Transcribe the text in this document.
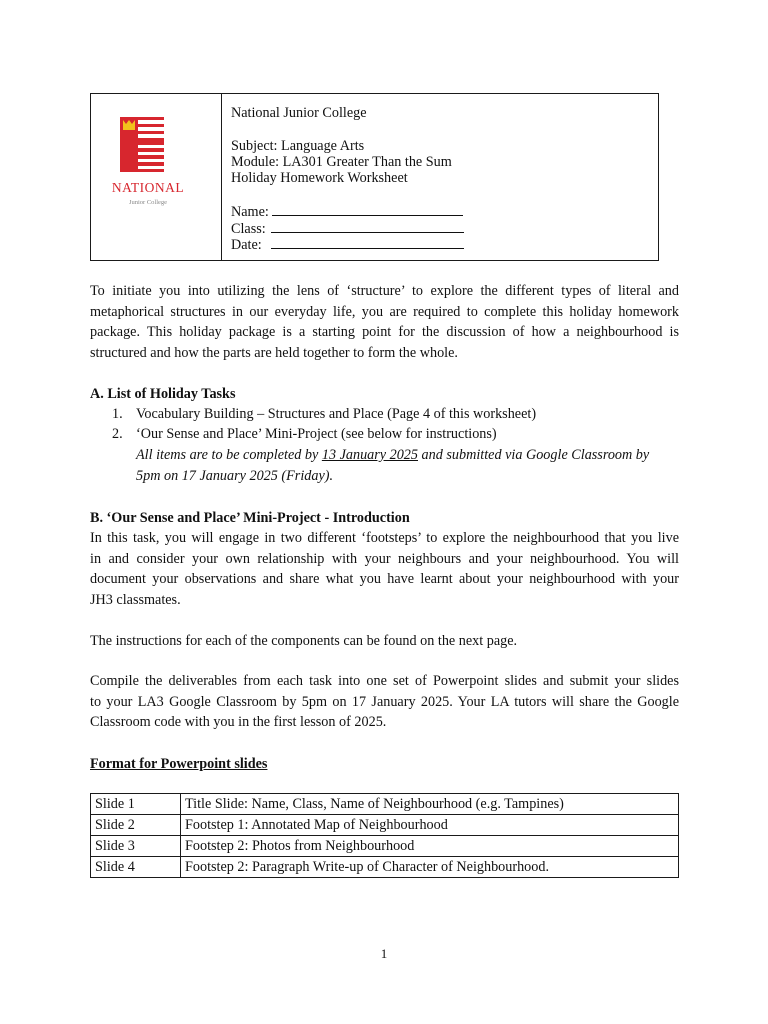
NATIONAL
Junior College
National Junior College
Subject: Language Arts
Module: LA301 Greater Than the Sum
Holiday Homework Worksheet
Name:
Class:
Date:
To initiate you into utilizing the lens of ‘structure’ to explore the different types of literal and
metaphorical structures in our everyday life, you are required to complete this holiday homework
package. This holiday package is a starting point for the discussion of how a neighbourhood is
structured and how the parts are held together to form the whole.
A. List of Holiday Tasks
1. Vocabulary Building – Structures and Place (Page 4 of this worksheet)
2. ‘Our Sense and Place’ Mini-Project (see below for instructions)
All items are to be completed by 13 January 2025 and submitted via Google Classroom by
5pm on 17 January 2025 (Friday).
B. ‘Our Sense and Place’ Mini-Project - Introduction
In this task, you will engage in two different ‘footsteps’ to explore the neighbourhood that you live
in and consider your own relationship with your neighbours and your neighbourhood. You will
document your observations and share what you have learnt about your neighbourhood with your
JH3 classmates.
The instructions for each of the components can be found on the next page.
Compile the deliverables from each task into one set of Powerpoint slides and submit your slides
to your LA3 Google Classroom by 5pm on 17 January 2025. Your LA tutors will share the Google
Classroom code with you in the first lesson of 2025.
Format for Powerpoint slides
Slide 1	Title Slide: Name, Class, Name of Neighbourhood (e.g. Tampines)
Slide 2	Footstep 1: Annotated Map of Neighbourhood
Slide 3	Footstep 2: Photos from Neighbourhood
Slide 4	Footstep 2: Paragraph Write-up of Character of Neighbourhood.
1
